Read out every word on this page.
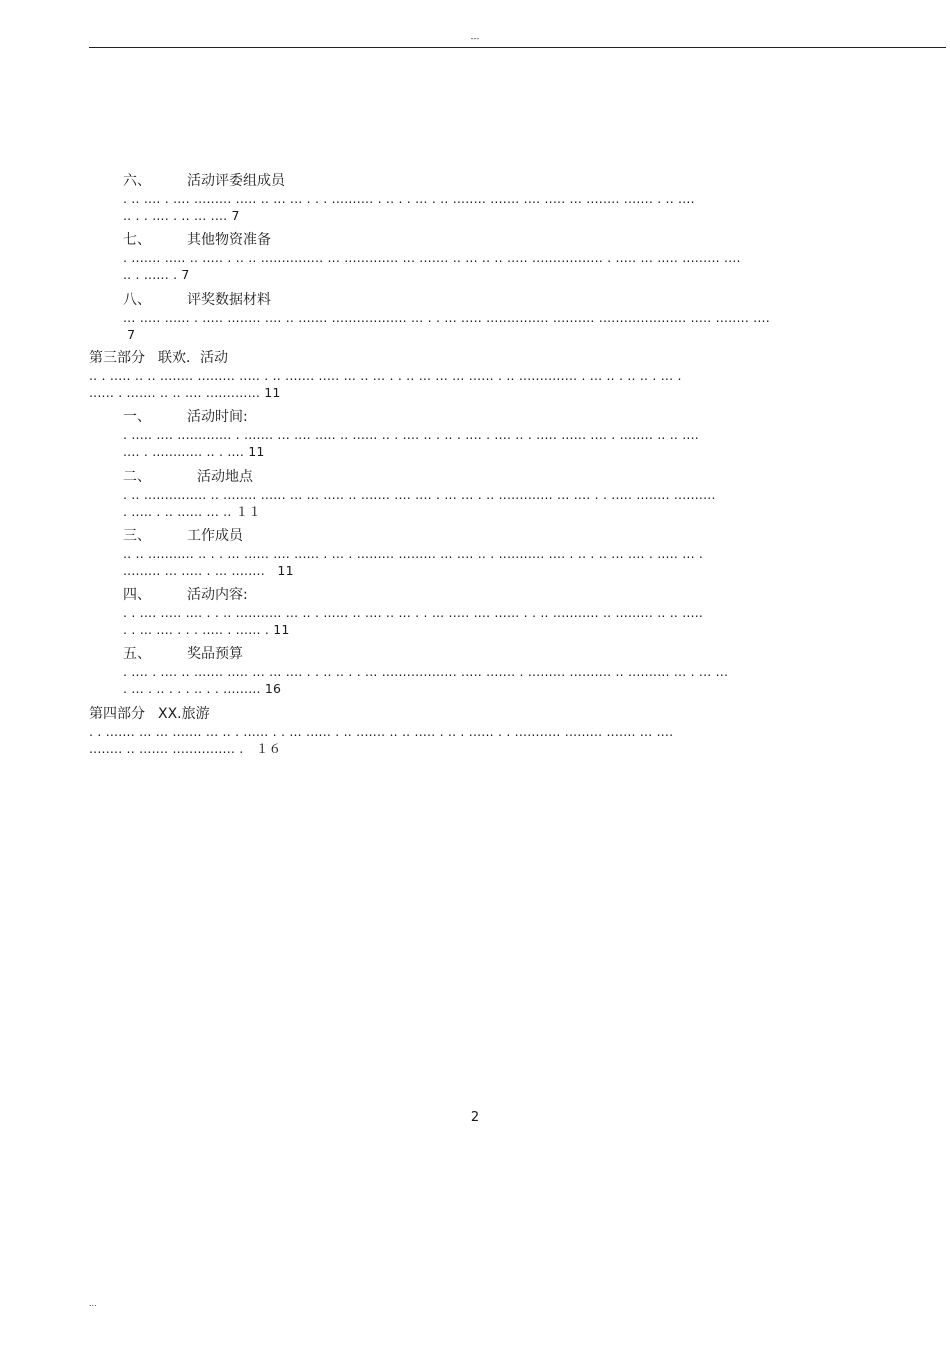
---
六、	活动评委组成员
. .. .... . .... ......... ..... .. ... ... . . . .......... . .. . . ... . .. ........ ....... .... ..... ... ........ ....... . .. ....
.. . . .... . .. ... .... 7
七、	其他物资准备
. ....... ..... .. ..... . .. .. ............... ... ............. ... ....... .. ... .. .. ..... ................. . ..... ... ..... ......... ....
.. . ...... . 7
八、	评奖数据材料
... ..... ...... . ..... ........ .... .. ....... .................. ... . . ... ..... ............... .......... ..................... ..... ........ ....
7
第三部分 联欢．活动
.. . ..... .. .. ........ ......... ..... . .. ....... ..... ... .. ... . . .. ... ... ... ...... . .. .............. . ... .. . .. .. . ... .
...... . ....... .. .. .... ............. 11
一、	活动时间:
. ..... .... ............. . ....... ... .... ..... .. ...... .. . .... .. . .. . .... . .... .. . ..... ...... .... . ........ .. .. ....
.... . ............ .. . .... 11
二、	活动地点
. .. ............... .. ........ ...... ... ... ..... .. ....... .... .... . ... ... . .. ............. ... .... . . ..... ........ ..........
. ..... . .. ...... ... .. １１
三、	工作成员
.. .. ........... .. . . ... ...... .... ...... . ... . ......... ......... ... .... .. . ........... .... . .. . .. ... .... . ..... ... .
......... ... ..... . ... ........   11
四、	活动内容:
. . .... ..... .... . . .. ........... ... .. . ...... .. .... .. ... . . ... ..... .... ...... . . .. ........... .. ......... .. .. .....
. . ... .... . . . ..... . ...... . 11
五、	奖品预算
. .... . .... .. ....... ..... ... ... .... . . .. .. . . ... .................. ..... ....... . ......... .......... .. .......... ... . ... ...
. ... . .. . . . .. . . ......... 16
第四部分 XX.旅游
. . ....... ... ... ....... ... .. . ...... . . ... ...... . .. ....... .. .. ..... . .. . ...... . . ........... ......... ....... ... ....
........ .. ....... ............... .   １６
2
...
